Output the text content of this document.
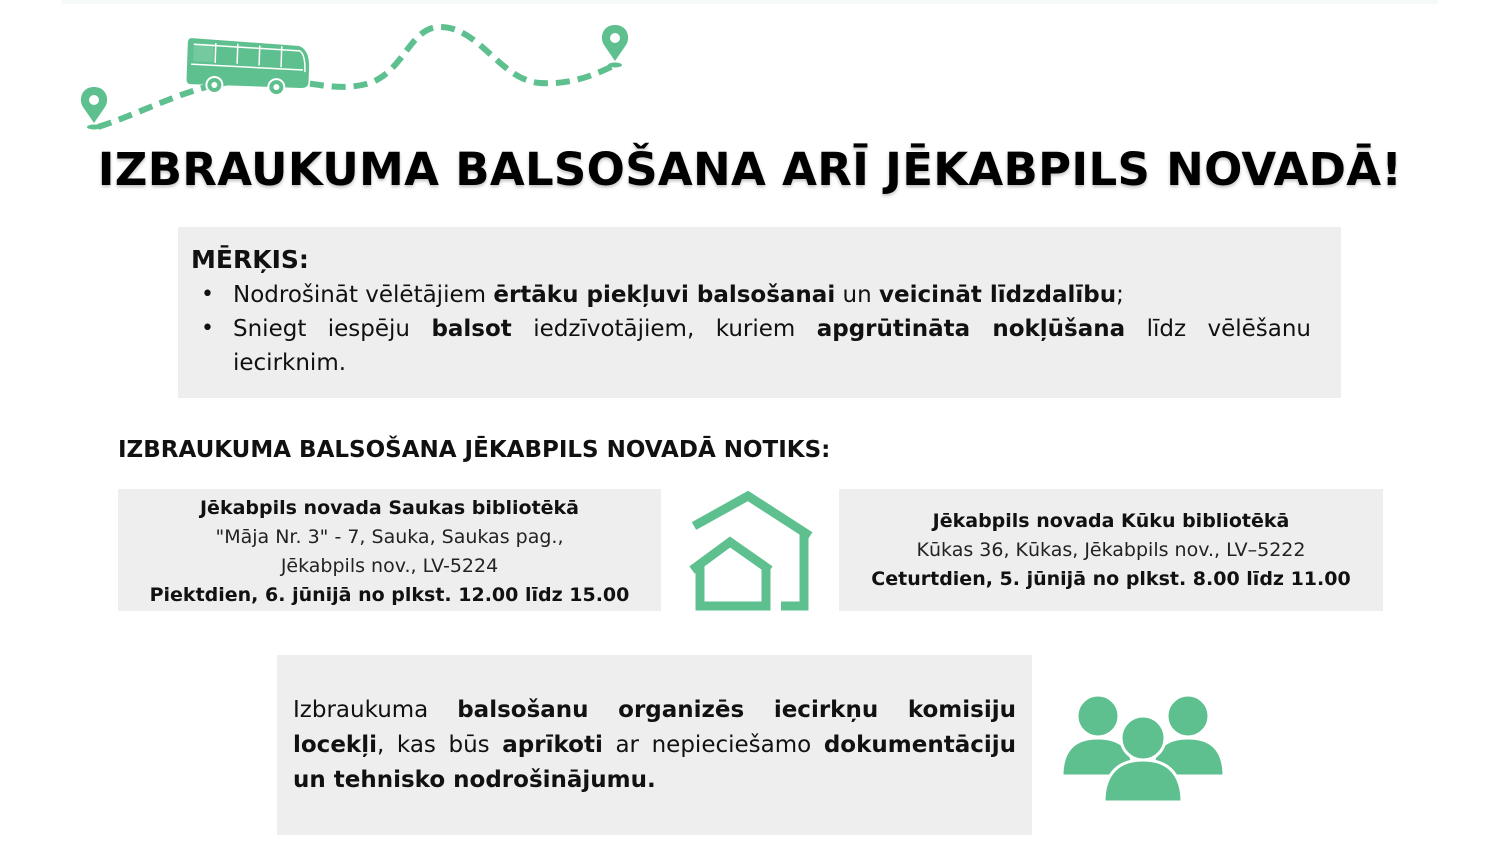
IZBRAUKUMA BALSOŠANA ARĪ JĒKABPILS NOVADĀ!
MĒRĶIS:
• Nodrošināt vēlētājiem ērtāku piekļuvi balsošanai un veicināt līdzdalību;
• Sniegt iespēju balsot iedzīvotājiem, kuriem apgrūtināta nokļūšana līdz vēlēšanu iecirknim.
IZBRAUKUMA BALSOŠANA JĒKABPILS NOVADĀ NOTIKS:
Jēkabpils novada Saukas bibliotēkā
"Māja Nr. 3" - 7, Sauka, Saukas pag.,
Jēkabpils nov., LV-5224
Piektdien, 6. jūnijā no plkst. 12.00 līdz 15.00
Jēkabpils novada Kūku bibliotēkā
Kūkas 36, Kūkas, Jēkabpils nov., LV–5222
Ceturtdien, 5. jūnijā no plkst. 8.00 līdz 11.00
Izbraukuma balsošanu organizēs iecirkņu komisiju locekļi, kas būs aprīkoti ar nepieciešamo dokumentāciju un tehnisko nodrošinājumu.
